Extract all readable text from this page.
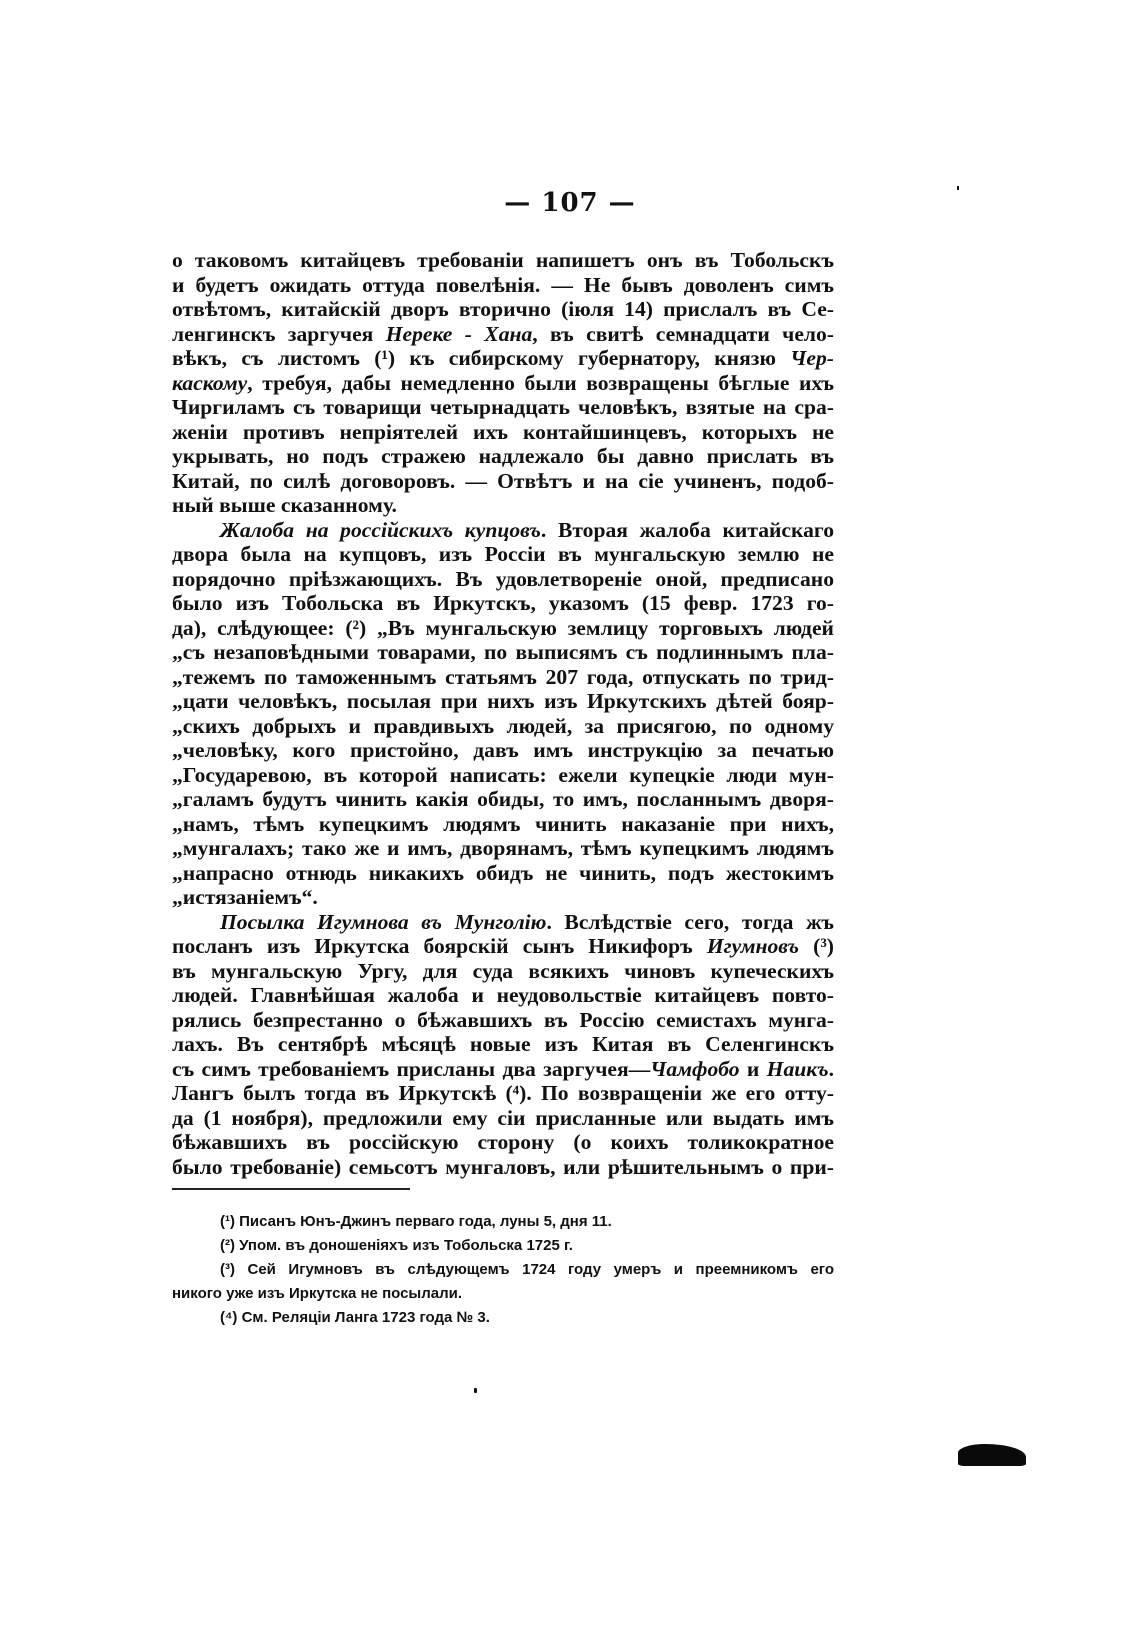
— 107 —
о таковомъ китайцевъ требованіи напишетъ онъ въ Тобольскъ
и будетъ ожидать оттуда повелѣнія. — Не бывъ доволенъ симъ
отвѣтомъ, китайскій дворъ вторично (іюля 14) прислалъ въ Се-
ленгинскъ заргучея Нереке - Хана, въ свитѣ семнадцати чело-
вѣкъ, съ листомъ (¹) къ сибирскому губернатору, князю Чер-
каскому, требуя, дабы немедленно были возвращены бѣглые ихъ
Чиргиламъ съ товарищи четырнадцать человѣкъ, взятые на сра-
женіи противъ непріятелей ихъ контайшинцевъ, которыхъ не
укрывать, но подъ стражею надлежало бы давно прислать въ
Китай, по силѣ договоровъ. — Отвѣтъ и на сіе учиненъ, подоб-
ный выше сказанному.
Жалоба на россійскихъ купцовъ. Вторая жалоба китайскаго
двора была на купцовъ, изъ Россіи въ мунгальскую землю не
порядочно пріѣзжающихъ. Въ удовлетвореніе оной, предписано
было изъ Тобольска въ Иркутскъ, указомъ (15 февр. 1723 го-
да), слѣдующее: (²) „Въ мунгальскую землицу торговыхъ людей
„съ незаповѣдными товарами, по выписямъ съ подлиннымъ пла-
„тежемъ по таможеннымъ статьямъ 207 года, отпускать по трид-
„цати человѣкъ, посылая при нихъ изъ Иркутскихъ дѣтей бояр-
„скихъ добрыхъ и правдивыхъ людей, за присягою, по одному
„человѣку, кого пристойно, давъ имъ инструкцію за печатью
„Государевою, въ которой написать: ежели купецкіе люди мун-
„галамъ будутъ чинить какія обиды, то имъ, посланнымъ дворя-
„намъ, тѣмъ купецкимъ людямъ чинить наказаніе при нихъ,
„мунгалахъ; тако же и имъ, дворянамъ, тѣмъ купецкимъ людямъ
„напрасно отнюдь никакихъ обидъ не чинить, подъ жестокимъ
„истязаніемъ“.
Посылка Игумнова въ Мунголію. Вслѣдствіе сего, тогда жъ
посланъ изъ Иркутска боярскій сынъ Никифоръ Игумновъ (³)
въ мунгальскую Ургу, для суда всякихъ чиновъ купеческихъ
людей. Главнѣйшая жалоба и неудовольствіе китайцевъ повто-
рялись безпрестанно о бѣжавшихъ въ Россію семистахъ мунга-
лахъ. Въ сентябрѣ мѣсяцѣ новые изъ Китая въ Селенгинскъ
съ симъ требованіемъ присланы два заргучея—Чамфобо и Наикъ.
Лангъ былъ тогда въ Иркутскѣ (⁴). По возвращеніи же его отту-
да (1 ноября), предложили ему сіи присланные или выдать имъ
бѣжавшихъ въ россійскую сторону (о коихъ толикократное
было требованіе) семьсотъ мунгаловъ, или рѣшительнымъ о при-
(¹) Писанъ Юнъ-Джинъ перваго года, луны 5, дня 11.
(²) Упом. въ доношеніяхъ изъ Тобольска 1725 г.
(³) Сей Игумновъ въ слѣдующемъ 1724 году умеръ и преемникомъ его
никого уже изъ Иркутска не посылали.
(⁴) См. Реляціи Ланга 1723 года № 3.
